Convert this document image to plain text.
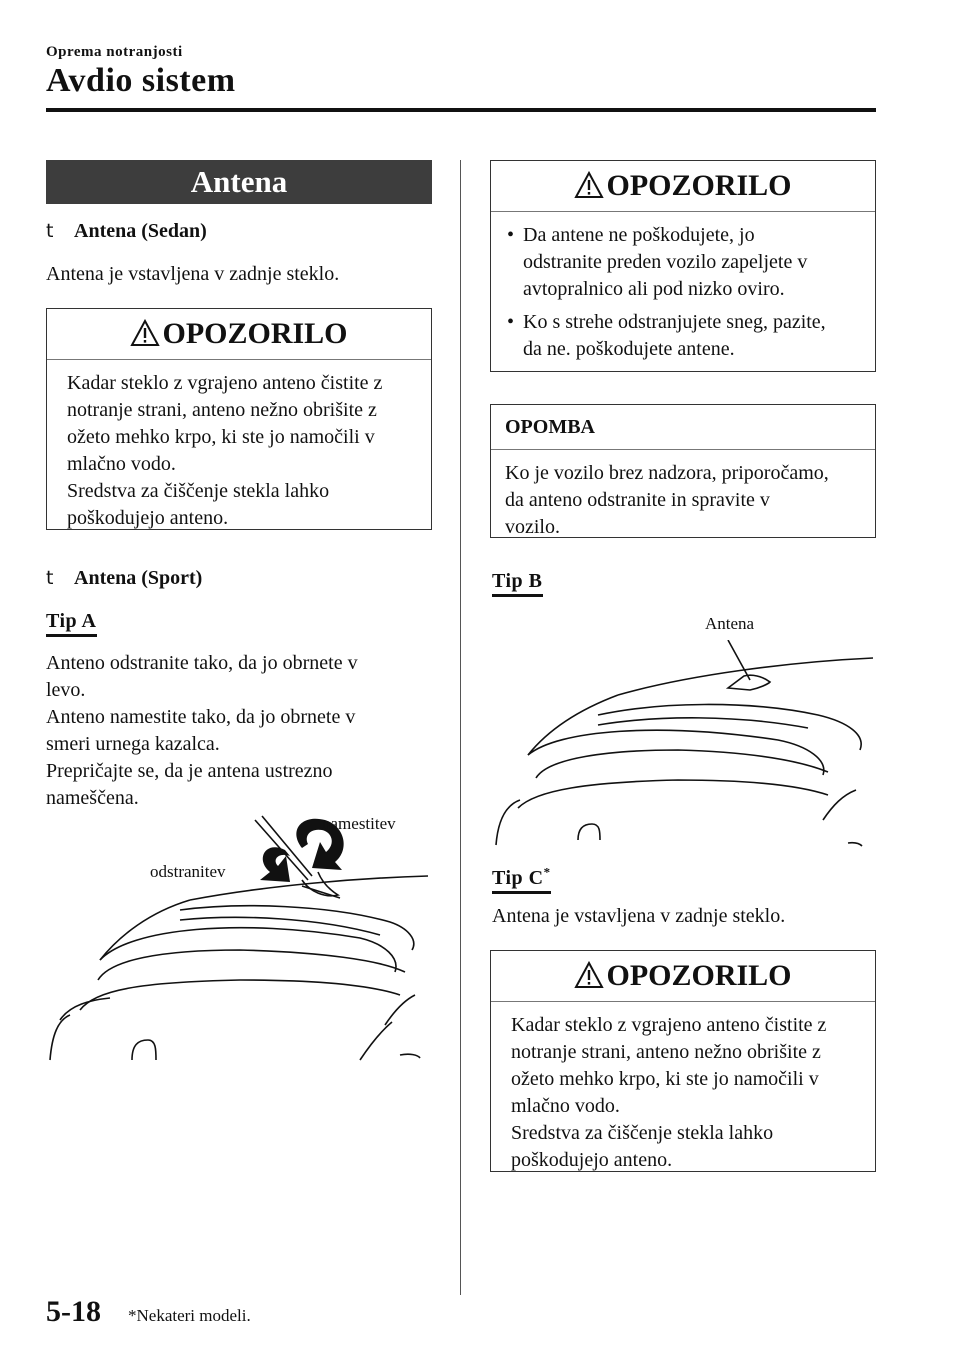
Oprema notranjosti
Avdio sistem
Antena
t Antena (Sedan)
Antena je vstavljena v zadnje steklo.
OPOZORILO
Kadar steklo z vgrajeno anteno čistite z
notranje strani, anteno nežno obrišite z
ožeto mehko krpo, ki ste jo namočili v
mlačno vodo.
Sredstva za čiščenje stekla lahko
poškodujejo anteno.
t Antena (Sport)
Tip A
Anteno odstranite tako, da jo obrnete v
levo.
Anteno namestite tako, da jo obrnete v
smeri urnega kazalca.
Prepričajte se, da je antena ustrezno
nameščena.
odstranitev
namestitev
OPOZORILO
• Da antene ne poškodujete, jo
odstranite preden vozilo zapeljete v
avtopralnico ali pod nizko oviro.
• Ko s strehe odstranjujete sneg, pazite,
da ne. poškodujete antene.
OPOMBA
Ko je vozilo brez nadzora, priporočamo,
da anteno odstranite in spravite v
vozilo.
Tip B
Antena
Tip C*
Antena je vstavljena v zadnje steklo.
OPOZORILO
Kadar steklo z vgrajeno anteno čistite z
notranje strani, anteno nežno obrišite z
ožeto mehko krpo, ki ste jo namočili v
mlačno vodo.
Sredstva za čiščenje stekla lahko
poškodujejo anteno.
5-18 *Nekateri modeli.
